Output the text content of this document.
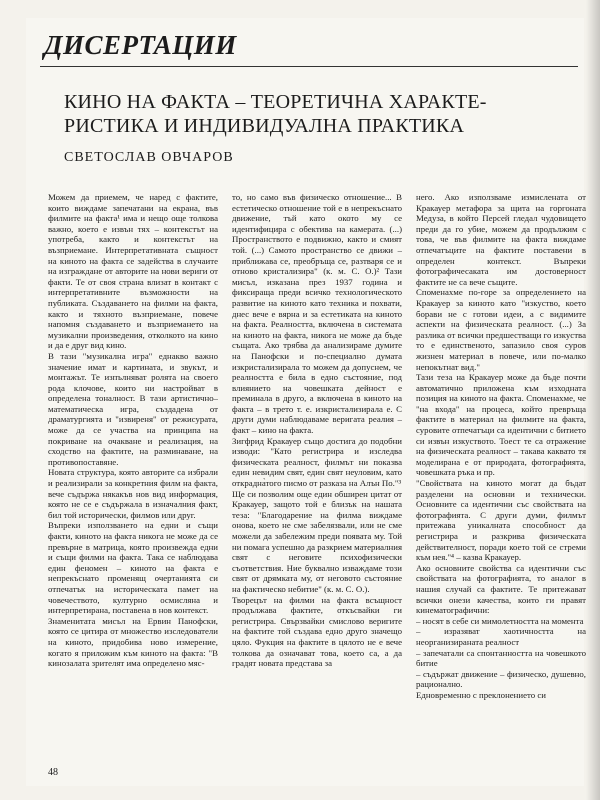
ДИСЕРТАЦИИ
КИНО НА ФАКТА – ТЕОРЕТИЧНА ХАРАКТЕ-РИСТИКА И ИНДИВИДУАЛНА ПРАКТИКА
СВЕТОСЛАВ ОВЧАРОВ

Можем да приемем, че наред с фактите, които виждаме запечатани на екрана, във филмите на факта¹ има и нещо още толкова важно, което е извън тях – контекстът на употреба, както и контекстът на възприемане. Интерпретативната същност на кинoто на факта се задейства в случаите на изграждане от авторите на нови вериги от факти. Те от своя страна влизат в контакт с интерпретативните възможности на публиката. Създаването на филми на факта, както и тяхното възприемане, повече напомня създаването и възприемането на музикални произведения, отколкото на кино и да е друг вид кино.

В тази "музикална игра" еднакво важно значение имат и картината, и звукът, и монтажът. Те изпълняват ролята на своего рода клочове, които ни настройват в определена тоналност. В тази артистично–математическа игра, създадена от драматургията и "извиреня" от режисурата, може да се участва на принципа на покриване на очакване и реализация, на сходство на фактите, на разминаване, на противопоставяне.

Новата структура, която авторите са избрали и реализирали за конкретния филм на факта, вече съдържа някакъв нов вид информация, която не се е съдържала в изначалния факт, бил той исторически, филмов или друг.

Въпреки използването на едни и същи факти, киното на факта никога не може да се превърне в матрица, която произвежда едни и същи филми на факта. Така се наблюдава един феномен – киното на факта е непрекъснато променящ очертанията си отпечатък на историческата памет на човечеството, културно осмисляна и интерпретирана, поставена в нов контекст.

Знаменитата мисъл на Ервин Панофски, която се цитира от множество изследователи на киното, придобива ново измерение, когато я приложим към киното на факта: "В кинозалата зрителят има определено мяс-

то, но само във физическо отношение... В естетическо отношение той е в непрекъснато движение, тъй като окото му се идентифицира с обектива на камерата. (...) Пространството е подвижно, както и смият той. (...) Самото пространство се движи – приближава се, преобръща се, разтваря се и отново кристализира" (к. м. С. О.)² Тази мисъл, изказана през 1937 година и фиксираща преди всичко технологическото развитие на киното като техника и похвати, днес вече е вярна и за естетиката на киното на факта. Реалността, включена в системата на киното на факта, никога не може да бъде същата. Ако трябва да анализираме думите на Панофски и по-специално думата изкристализирала то можем да допуснем, че реалността е била в едно състояние, под влиянието на човешката дейност е преминала в друго, а включена в киното на факта – в трето т. е. изкристализирала е. С други думи наблюдаваме веригата реалия – факт – кино на факта.

Зигфрид Кракауер също достига до подобни изводи: "Като регистрира и изследва физическата реалност, филмът ни показва един невидим свят, един свят неуловим, като открадна̀того писмо от разказа на Алън По."³

Ще си позволим още един обширен цитат от Кракауер, защото той е близък на нашата теза: "Благодарение на филма виждаме онова, което не сме забелязвали, или не сме можели да забележим преди появата му. Той ни помага успешно да разкрием материалния свят с неговите психофизически съответствия. Ние буквално изваждаме този свят от дрямката му, от неговото състояние на фактическо небитие" (к. м. С. О.).

Творецът на филми на факта всъщност продължава фактите, откъсвайки ги регистрира. Свързвайки смислово веригите на фактите той създава едно друго значещо цяло. Фукция на фактите в цялото не е вече толкова да означават това, което са, а да градят новата представа за

него. Ако използваме измислената от Кракауер метафора за щита на горгоната Медуза, в който Персей гледал чудовището преди да го убие, можем да продължим с това, че във филмите на факта виждаме отпечатъците на фактите поставени в определен контекст. Въпреки фотографичесаката им достоверност фактите не са вече същите.

Споменахме по-горе за определението на Кракауер за киното като "изкуство, което борави не с готови идеи, а с видимите аспекти на физическата реалност. (...) За разлика от всички предшестващи го изкуства то е единственото, запазило своя суров жизнен материал в повече, или по-малко непокътнат вид."

Тази теза на Кракауер може да бъде почти автоматично приложена към изходната позиция на киното на факта. Споменахме, че "на входа" на процеса, който превръща фактите в материал на филмите на факта, суровите отпечатъци са идентични с битието си извън изкуството. Тоест те са отражение на физическата реалност – такава каквато тя моделирана е от природата, фотографията, човешката ръка и пр.

"Свойствата на киното могат да бъдат разделени на основни и технически. Основните са идентични със свойствата на фотографията. С други думи, филмът притежава уникалната способност да регистрира и разкрива физическата действителност, поради което той се стреми към нея."⁴ – казва Кракауер.

Ако основните свойства са идентични със свойствата на фотографията, то аналог в нашия случай са фактите. Те притежават всички онези качества, които ги правят кинематографични:

– носят в себе си мимолетността на момента

– изразяват хаотичността на неорганизираната реалност

– запечатали са спонтанността на човешкото битие

– съдържат движение – физическо, душевно, рационално.

Едновременно с преклонението си

48
